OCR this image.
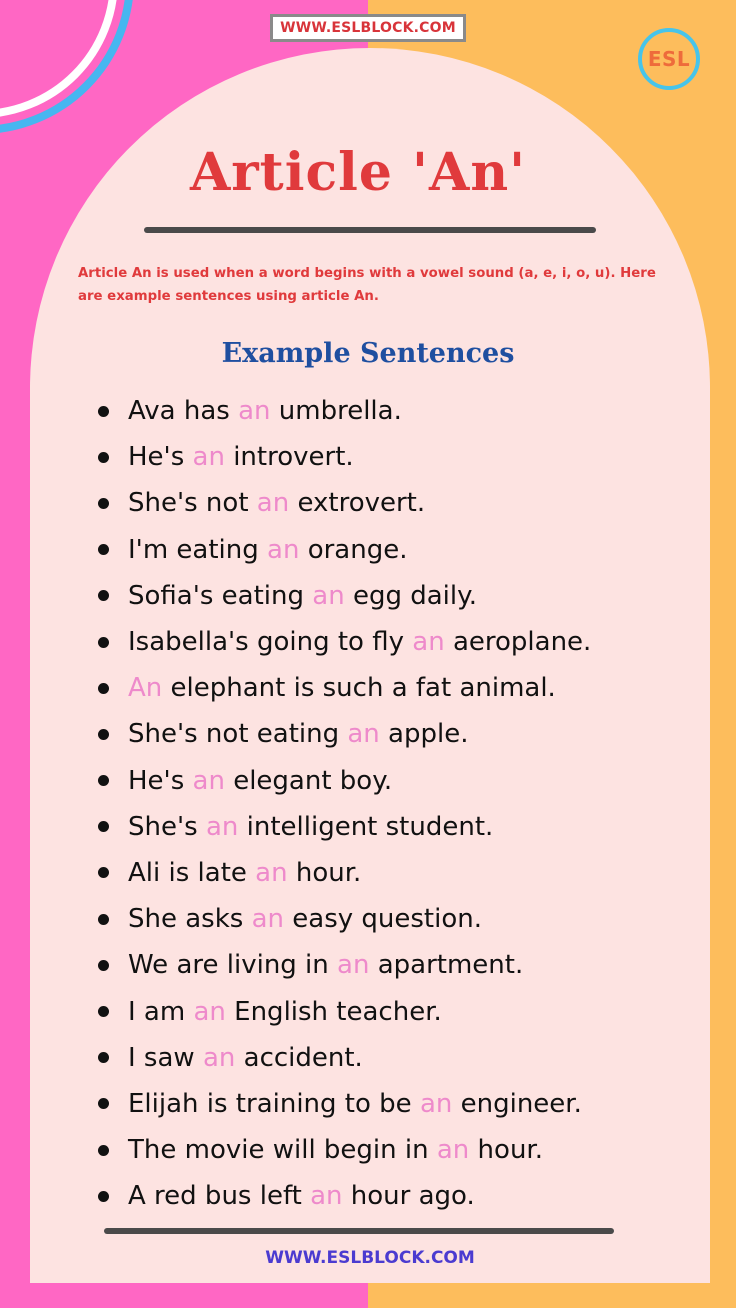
WWW.ESLBLOCK.COM
ESL
Article 'An'
Article An is used when a word begins with a vowel sound (a, e, i, o, u). Here are example sentences using article An.
Example Sentences
Ava has an umbrella.
He's an introvert.
She's not an extrovert.
I'm eating an orange.
Sofia's eating an egg daily.
Isabella's going to fly an aeroplane.
An elephant is such a fat animal.
She's not eating an apple.
He's an elegant boy.
She's an intelligent student.
Ali is late an hour.
She asks an easy question.
We are living in an apartment.
I am an English teacher.
I saw an accident.
Elijah is training to be an engineer.
The movie will begin in an hour.
A red bus left an hour ago.
WWW.ESLBLOCK.COM
